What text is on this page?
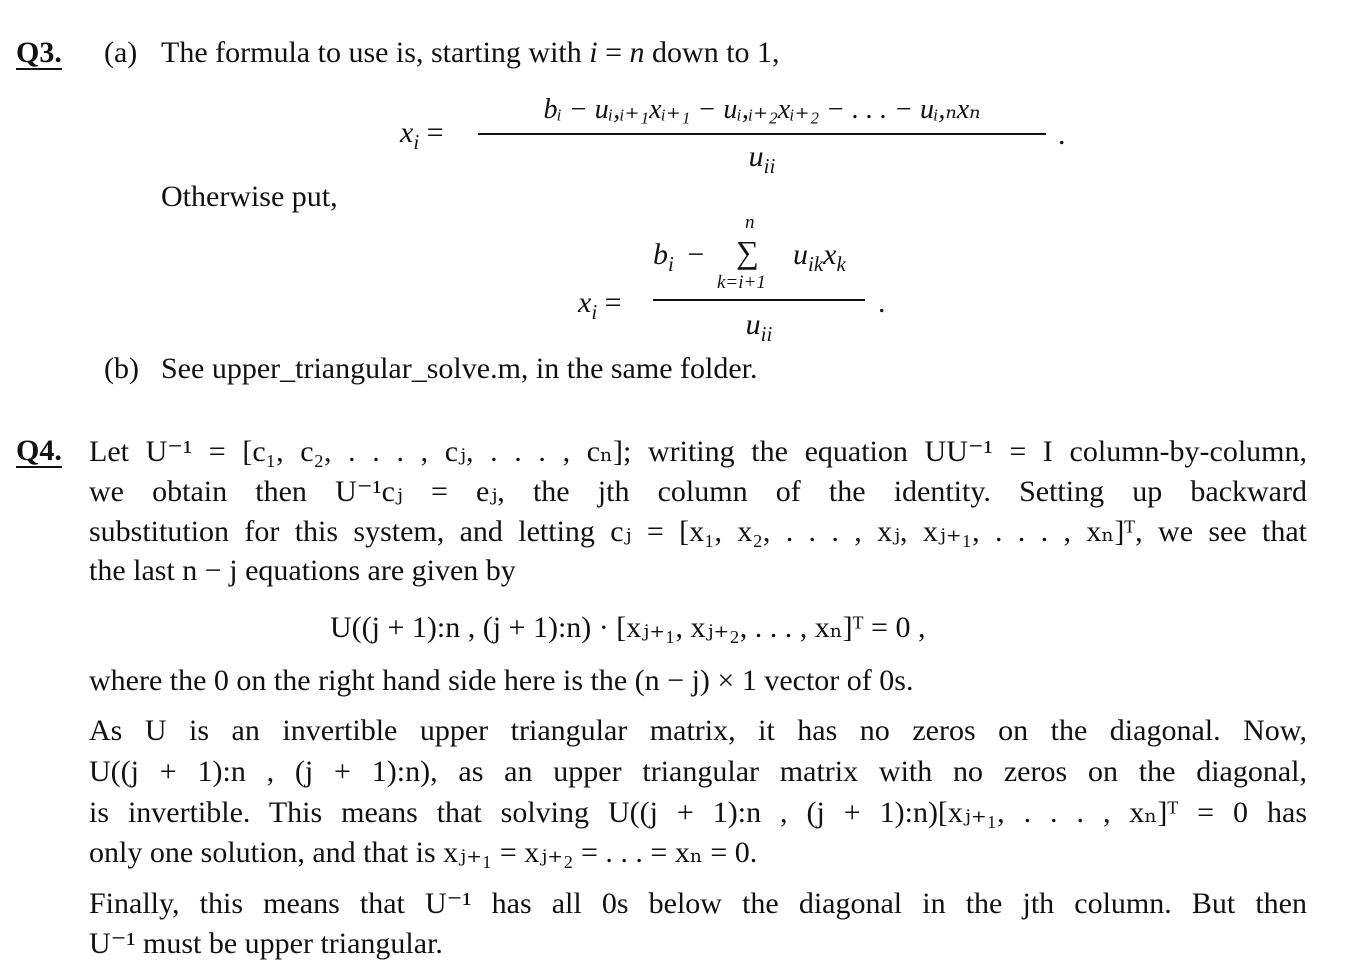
Q3. (a) The formula to use is, starting with i = n down to 1,
$x_i$ =
bᵢ − uᵢ,ᵢ₊₁xᵢ₊₁ − uᵢ,ᵢ₊₂xᵢ₊₂ − . . . − uᵢ,ₙxₙ
$u_{ii}$
.
Otherwise put,
$x_i$ =
$b_i$ −
n
∑
k=i+1
$u_{ik}x_k$
$u_{ii}$
.
(b) See upper_triangular_solve.m, in the same folder.
Q4. Let U⁻¹ = [c₁, c₂, . . . , cⱼ, . . . , cₙ]; writing the equation UU⁻¹ = I column-by-column,
we obtain then U⁻¹cⱼ = eⱼ, the jth column of the identity. Setting up backward
substitution for this system, and letting cⱼ = [x₁, x₂, . . . , xⱼ, xⱼ₊₁, . . . , xₙ]ᵀ, we see that
the last n − j equations are given by
U((j + 1):n , (j + 1):n) · [xⱼ₊₁, xⱼ₊₂, . . . , xₙ]ᵀ = 0 ,
where the 0 on the right hand side here is the (n − j) × 1 vector of 0s.
As U is an invertible upper triangular matrix, it has no zeros on the diagonal. Now,
U((j + 1):n , (j + 1):n), as an upper triangular matrix with no zeros on the diagonal,
is invertible. This means that solving U((j + 1):n , (j + 1):n)[xⱼ₊₁, . . . , xₙ]ᵀ = 0 has
only one solution, and that is xⱼ₊₁ = xⱼ₊₂ = . . . = xₙ = 0.
Finally, this means that U⁻¹ has all 0s below the diagonal in the jth column. But then
U⁻¹ must be upper triangular.
